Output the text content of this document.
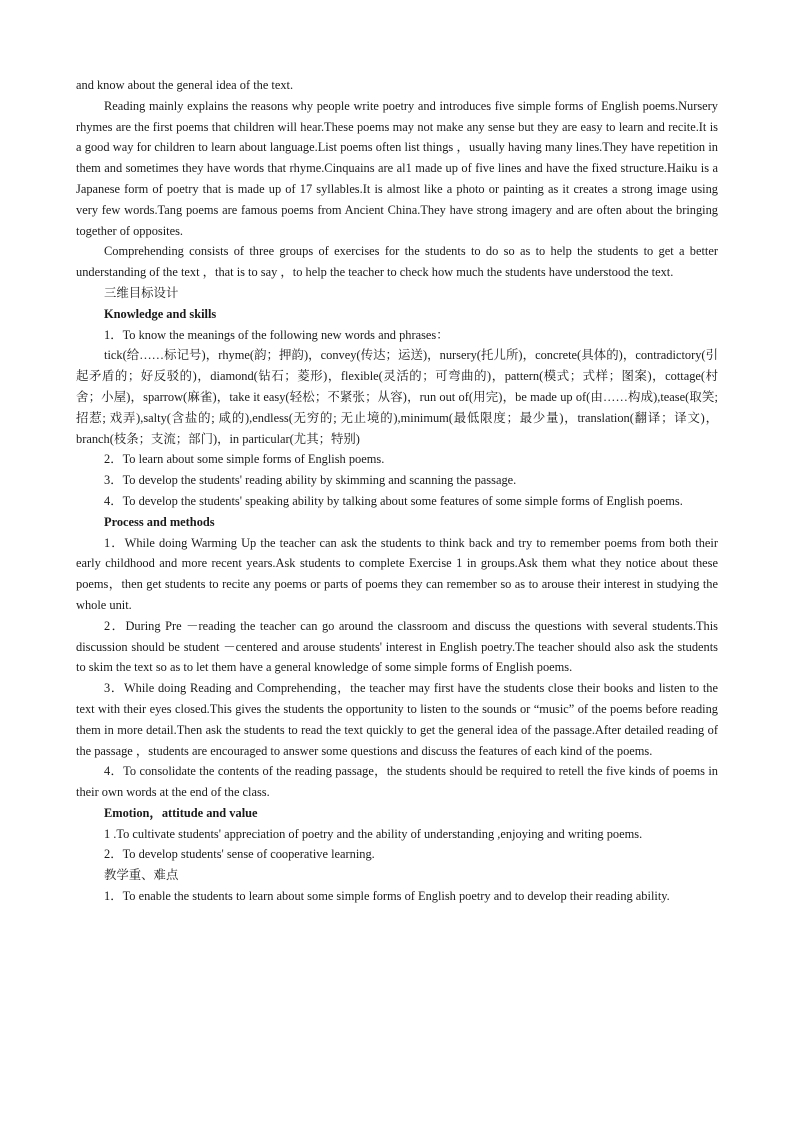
and know about the general idea of the text.

Reading mainly explains the reasons why people write poetry and introduces five simple forms of English poems.Nursery rhymes are the first poems that children will hear.These poems may not make any sense but they are easy to learn and recite.It is a good way for children to learn about language.List poems often list things ，usually having many lines.They have repetition in them and sometimes they have words that rhyme.Cinquains are al1 made up of five lines and have the fixed structure.Haiku is a Japanese form of poetry that is made up of 17 syllables.It is almost like a photo or painting as it creates a strong image using very few words.Tang poems are famous poems from Ancient China.They have strong imagery and are often about the bringing together of opposites.

Comprehending consists of three groups of exercises for the students to do so as to help the students to get a better understanding of the text ，that is to say ，to help the teacher to check how much the students have understood the text.

三维目标设计

Knowledge and skills

1．To know the meanings of the following new words and phrases：

tick(给……标记号)，rhyme(韵；押韵)，convey(传达；运送)，nursery(托儿所)，concrete(具体的)，contradictory(引起矛盾的；好反驳的)，diamond(钻石；菱形)，flexible(灵活的；可弯曲的)，pattern(模式；式样；图案)，cottage(村舍；小屋)，sparrow(麻雀)，take it easy(轻松；不紧张；从容)，run out of(用完)，be made up of(由……构成),tease(取笑; 招惹; 戏弄),salty(含盐的; 咸的),endless(无穷的; 无止境的),minimum(最低限度；最少量)，translation(翻译；译文)，branch(枝条；支流；部门)，in particular(尤其；特别)

2．To learn about some simple forms of English poems.

3．To develop the students' reading ability by skimming and scanning the passage.

4．To develop the students' speaking ability by talking about some features of some simple forms of English poems.

Process and methods

1．While doing Warming Up the teacher can ask the students to think back and try to remember poems from both their early childhood and more recent years.Ask students to complete Exercise 1 in groups.Ask them what they notice about these poems，then get students to recite any poems or parts of poems they can remember so as to arouse their interest in studying the whole unit.

2．During Pre －reading the teacher can go around the classroom and discuss the questions with several students.This discussion should be student －centered and arouse students' interest in English poetry.The teacher should also ask the students to skim the text so as to let them have a general knowledge of some simple forms of English poems.

3．While doing Reading and Comprehending，the teacher may first have the students close their books and listen to the text with their eyes closed.This gives the students the opportunity to listen to the sounds or “music” of the poems before reading them in more detail.Then ask the students to read the text quickly to get the general idea of the passage.After detailed reading of the passage ，students are encouraged to answer some questions and discuss the features of each kind of the poems.

4．To consolidate the contents of the reading passage，the students should be required to retell the five kinds of poems in their own words at the end of the class.

Emotion，attitude and value

1 .To cultivate students' appreciation of poetry and the ability of understanding ,enjoying and writing poems.

2．To develop students' sense of cooperative learning.

教学重、难点

1．To enable the students to learn about some simple forms of English poetry and to develop their reading ability.
